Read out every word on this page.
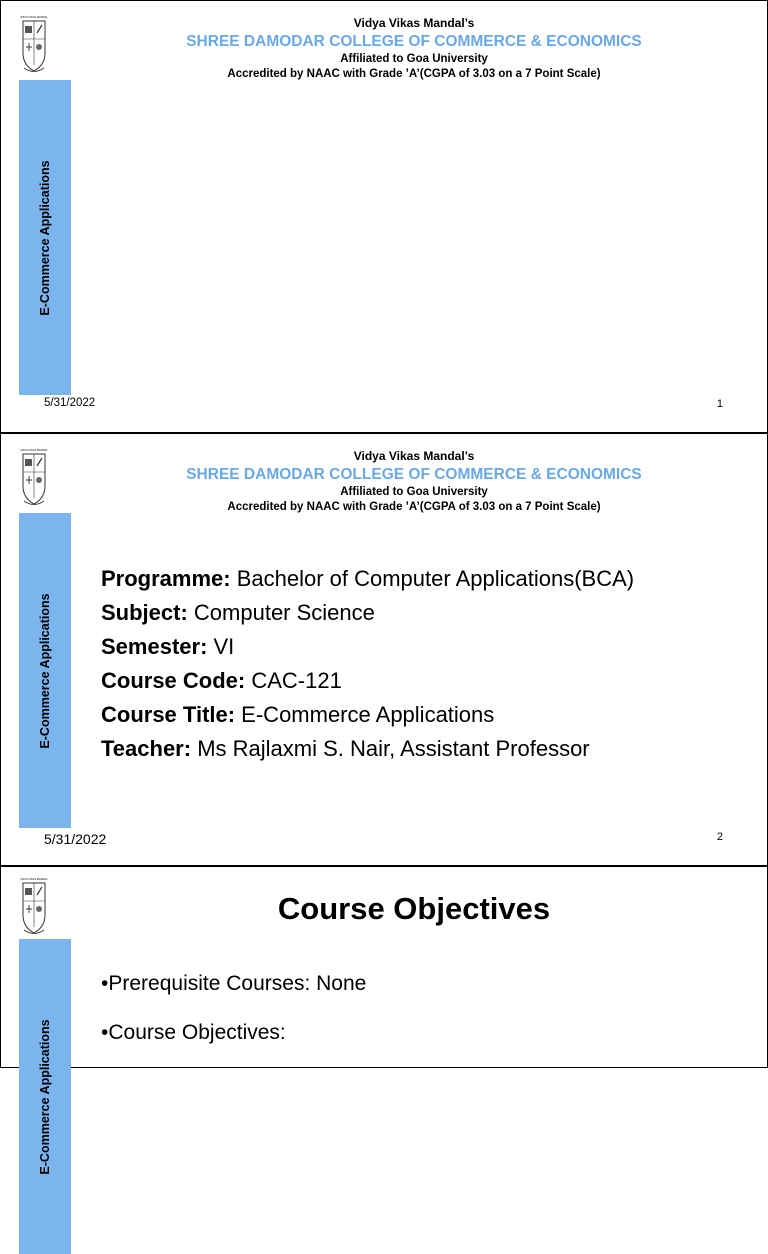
VIDYA VIKAS MANDAL
E-Commerce Applications
Vidya Vikas Mandal’s
SHREE DAMODAR COLLEGE OF COMMERCE & ECONOMICS
Affiliated to Goa University
Accredited by NAAC with Grade ’A’(CGPA of 3.03 on a 7 Point Scale)
5/31/2022	1
VIDYA VIKAS MANDAL
E-Commerce Applications
Vidya Vikas Mandal’s
SHREE DAMODAR COLLEGE OF COMMERCE & ECONOMICS
Affiliated to Goa University
Accredited by NAAC with Grade ’A’(CGPA of 3.03 on a 7 Point Scale)
Programme: Bachelor of Computer Applications(BCA)
Subject: Computer Science
Semester: VI
Course Code: CAC-121
Course Title: E-Commerce Applications
Teacher: Ms Rajlaxmi S. Nair, Assistant Professor
5/31/2022	2
VIDYA VIKAS MANDAL
E-Commerce Applications
Course Objectives
•Prerequisite Courses: None
•Course Objectives:
